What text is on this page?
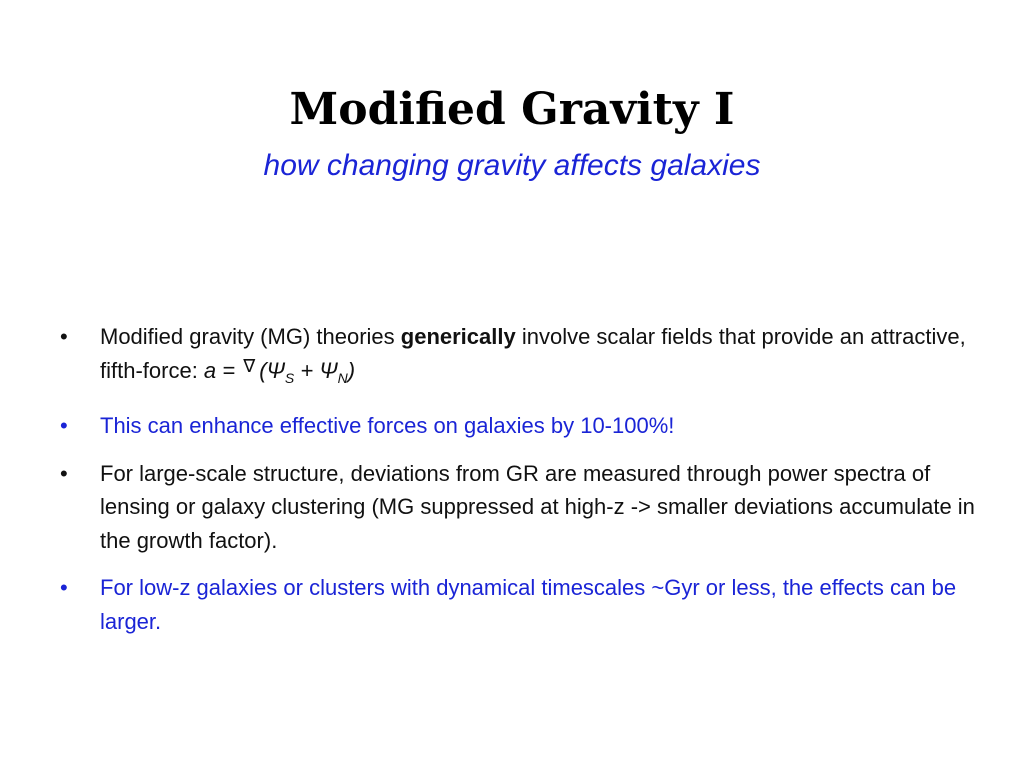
Modified Gravity I
how changing gravity affects galaxies
• Modified gravity (MG) theories generically involve scalar fields that provide an attractive, fifth-force: a = ∇ $(\Psi_S + \Psi_N)$
• This can enhance effective forces on galaxies by 10-100%!
• For large-scale structure, deviations from GR are measured through power spectra of lensing or galaxy clustering (MG suppressed at high-z -> smaller deviations accumulate in the growth factor).
• For low-z galaxies or clusters with dynamical timescales ~Gyr or less, the effects can be larger.
